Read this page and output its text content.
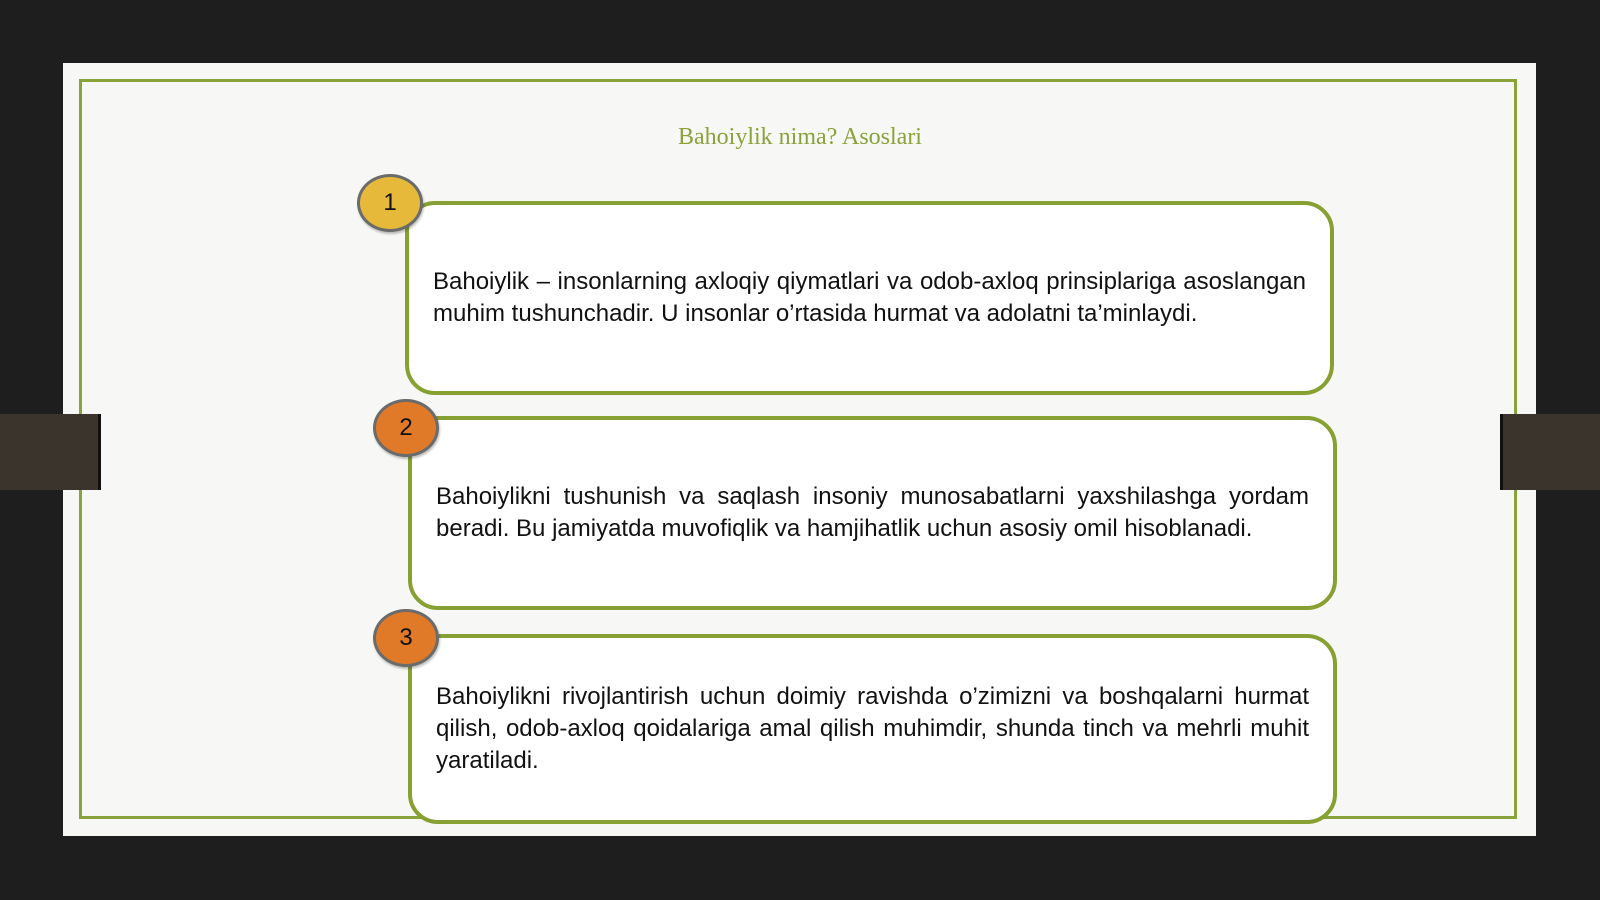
Bahoiylik nima? Asoslari
Bahoiylik – insonlarning axloqiy qiymatlari va odob-axloq prinsiplariga asoslangan muhim tushunchadir. U insonlar o’rtasida hurmat va adolatni ta’minlaydi.
1
Bahoiylikni tushunish va saqlash insoniy munosabatlarni yaxshilashga yordam beradi. Bu jamiyatda muvofiqlik va hamjihatlik uchun asosiy omil hisoblanadi.
2
Bahoiylikni rivojlantirish uchun doimiy ravishda o’zimizni va boshqalarni hurmat qilish, odob-axloq qoidalariga amal qilish muhimdir, shunda tinch va mehrli muhit yaratiladi.
3
